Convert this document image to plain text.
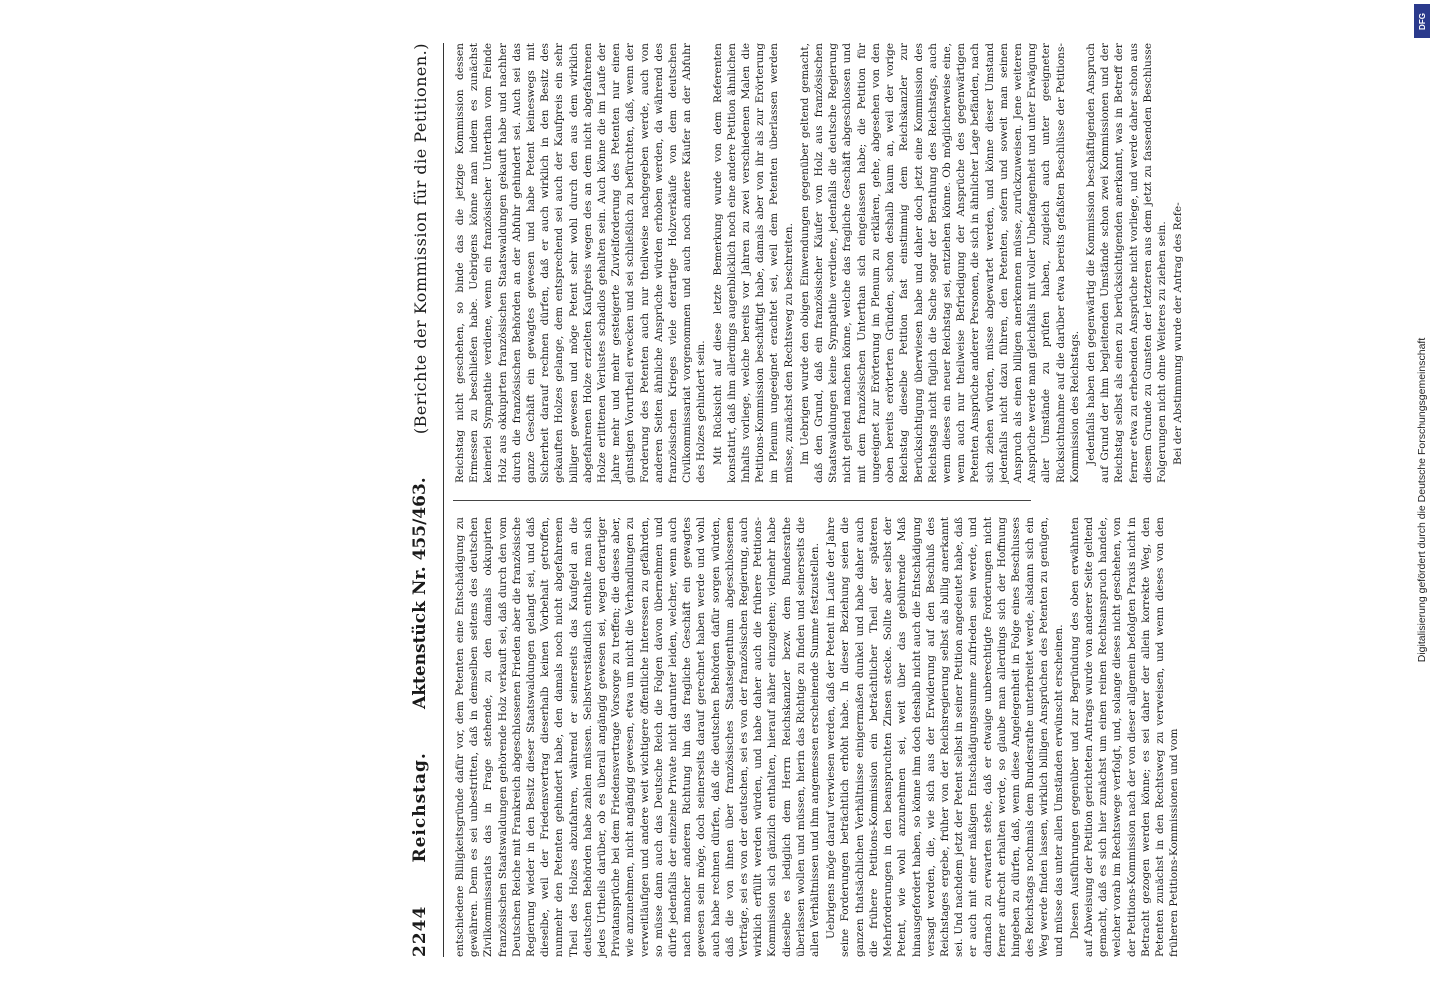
2244
Reichstag.
Aktenstück Nr. 455/463.
(Berichte der Kommission für die Petitionen.)

entschiedene Billigkeitsgründe dafür vor, dem Petenten eine Entschädigung zu gewähren. Denn es sei unbestritten, daß in demselben seitens des deutschen Zivilkommissariats das in Frage stehende, zu den damals okkupirten französischen Staatswaldungen gehörende Holz verkauft sei, daß durch den vom Deutschen Reiche mit Frankreich abgeschlossenen Frieden aber die französische Regierung wieder in den Besitz dieser Staatswaldungen gelangt sei, und daß dieselbe, weil der Friedensvertrag dieserhalb keinen Vorbehalt getroffen, nunmehr den Petenten gehindert habe, den damals noch nicht abgefahrenen Theil des Holzes abzufahren, während er seinerseits das Kaufgeld an die deutschen Behörden habe zahlen müssen. Selbstverständlich enthalte man sich jedes Urtheils darüber, ob es überall angängig gewesen sei, wegen derartiger Privatansprüche bei dem Friedensvertrage Vorsorge zu treffen; die dieses aber, wie anzunehmen, nicht angängig gewesen, etwa um nicht die Verhandlungen zu verweitläufigen und andere weit wichtigere öffentliche Interessen zu gefährden, so müsse dann auch das Deutsche Reich die Folgen davon übernehmen und dürfe jedenfalls der einzelne Private nicht darunter leiden, welcher, wenn auch nach mancher anderen Richtung hin das fragliche Geschäft ein gewagtes gewesen sein möge, doch seinerseits darauf gerechnet haben werde und wohl auch habe rechnen dürfen, daß die deutschen Behörden dafür sorgen würden, daß die von ihnen über französisches Staatseigenthum abgeschlossenen Verträge, sei es von der deutschen, sei es von der französischen Regierung, auch wirklich erfüllt werden würden, und habe daher auch die frühere Petitions-Kommission sich gänzlich enthalten, hierauf näher einzugehen; vielmehr habe dieselbe es lediglich dem Herrn Reichskanzler bezw. dem Bundesrathe überlassen wollen und müssen, hierin das Richtige zu finden und seinerseits die allen Verhältnissen und ihm angemessen erscheinende Summe festzustellen. Uebrigens möge darauf verwiesen werden, daß der Petent im Laufe der Jahre seine Forderungen beträchtlich erhöht habe. In dieser Beziehung seien die ganzen thatsächlichen Verhältnisse einigermaßen dunkel und habe daher auch die frühere Petitions-Kommission ein beträchtlicher Theil der späteren Mehrforderungen in den beanspruchten Zinsen stecke. Sollte aber selbst der Petent, wie wohl anzunehmen sei, weit über das gebührende Maß hinausgefordert haben, so könne ihm doch deshalb nicht auch die Entschädigung versagt werden, die, wie sich aus der Erwiderung auf den Beschluß des Reichstages ergebe, früher von der Reichsregierung selbst als billig anerkannt sei. Und nachdem jetzt der Petent selbst in seiner Petition angedeutet habe, daß er auch mit einer mäßigen Entschädigungssumme zufrieden sein werde, und darnach zu erwarten stehe, daß er etwaige unberechtigte Forderungen nicht ferner aufrecht erhalten werde, so glaube man allerdings sich der Hoffnung hingeben zu dürfen, daß, wenn diese Angelegenheit in Folge eines Beschlusses des Reichstags nochmals dem Bundesrathe unterbreitet werde, alsdann sich ein Weg werde finden lassen, wirklich billigen Ansprüchen des Petenten zu genügen, und müsse das unter allen Umständen erwünscht erscheinen. Diesen Ausführungen gegenüber und zur Begründung des oben erwähnten auf Abweisung der Petition gerichteten Antrags wurde von anderer Seite geltend gemacht, daß es sich hier zunächst um einen reinen Rechtsanspruch handele, welcher vorab im Rechtswege verfolgt, und, solange dieses nicht geschehen, von der Petitions-Kommission nach der von dieser allgemein befolgten Praxis nicht in Betracht gezogen werden könne; es sei daher der allein korrekte Weg, den Petenten zunächst in den Rechtsweg zu verweisen, und wenn dieses von den früheren Petitions-Kommissionen und vom

Reichstag nicht geschehen, so binde das die jetzige Kommission dessen Ermessen zu beschließen habe. Uebrigens könne man indem es zunächst keinerlei Sympathie verdiene, wenn ein französischer Unterthan vom Feinde Holz aus okkupirten französischen Staatswaldungen gekauft habe und nachher durch die französischen Behörden an der Abfuhr gehindert sei. Auch sei das ganze Geschäft ein gewagtes gewesen und habe Petent keineswegs mit Sicherheit darauf rechnen dürfen, daß er auch wirklich in den Besitz des gekauften Holzes gelange, dem entsprechend sei auch der Kaufpreis ein sehr billiger gewesen und möge Petent sehr wohl durch den aus dem wirklich abgefahrenen Holze erzielten Kaufpreis wegen des an dem nicht abgefahrenen Holze erlittenen Verlustes schadlos gehalten sein. Auch könne die im Laufe der Jahre mehr und mehr gesteigerte Zuvielforderung des Petenten nur einen günstigen Vorurtheil erwecken und sei schließlich zu befürchten, daß, wenn der Forderung des Petenten auch nur theilweise nachgegeben werde, auch von anderen Seiten ähnliche Ansprüche würden erhoben werden, da während des französischen Krieges viele derartige Holzverkäufe von dem deutschen Civilkommissariat vorgenommen und auch noch andere Käufer an der Abfuhr des Holzes gehindert sein. Mit Rücksicht auf diese letzte Bemerkung wurde von dem Referenten konstatirt, daß ihm allerdings augenblicklich noch eine andere Petition ähnlichen Inhalts vorliege, welche bereits vor Jahren zu zwei verschiedenen Malen die Petitions-Kommission beschäftigt habe, damals aber von ihr als zur Erörterung im Plenum ungeeignet erachtet sei, weil dem Petenten überlassen werden müsse, zunächst den Rechtsweg zu beschreiten. Im Uebrigen wurde den obigen Einwendungen gegenüber geltend gemacht, daß den Grund, daß ein französischer Käufer von Holz aus französischen Staatswaldungen keine Sympathie verdiene, jedenfalls die deutsche Regierung nicht geltend machen könne, welche das fragliche Geschäft abgeschlossen und mit dem französischen Unterthan sich eingelassen habe; die Petition für ungeeignet zur Erörterung im Plenum zu erklären, gehe, abgesehen von den oben bereits erörterten Gründen, schon deshalb kaum an, weil der vorige Reichstag dieselbe Petition fast einstimmig dem Reichskanzler zur Berücksichtigung überwiesen habe und daher doch jetzt eine Kommission des Reichstags nicht füglich die Sache sogar der Berathung des Reichstags, auch wenn dieses ein neuer Reichstag sei, entziehen könne. Ob möglicherweise eine, wenn auch nur theilweise Befriedigung der Ansprüche des gegenwärtigen Petenten Ansprüche anderer Personen, die sich in ähnlicher Lage befänden, nach sich ziehen würden, müsse abgewartet werden, und könne dieser Umstand jedenfalls nicht dazu führen, den Petenten, sofern und soweit man seinen Anspruch als einen billigen anerkennen müsse, zurückzuweisen. Jene weiteren Ansprüche werde man gleichfalls mit voller Unbefangenheit und unter Erwägung aller Umstände zu prüfen haben, zugleich auch unter geeigneter Rücksichtnahme auf die darüber etwa bereits gefaßten Beschlüsse der Petitions-Kommission des Reichstags. Jedenfalls haben den gegenwärtig die Kommission beschäftigenden Anspruch auf Grund der ihm begleitenden Umstände schon zwei Kommissionen und der Reichstag selbst als einen zu berücksichtigenden anerkannt, was in Betreff der ferner etwa zu erhebenden Ansprüche nicht vorliege, und werde daher schon aus diesem Grunde zu Gunsten der letzteren aus dem jetzt zu fassenden Beschlusse Folgerungen nicht ohne Weiteres zu ziehen sein. Bei der Abstimmung wurde der Antrag des Refe-

Digitalisierung gefördert durch die Deutsche Forschungsgemeinschaft
DFG
